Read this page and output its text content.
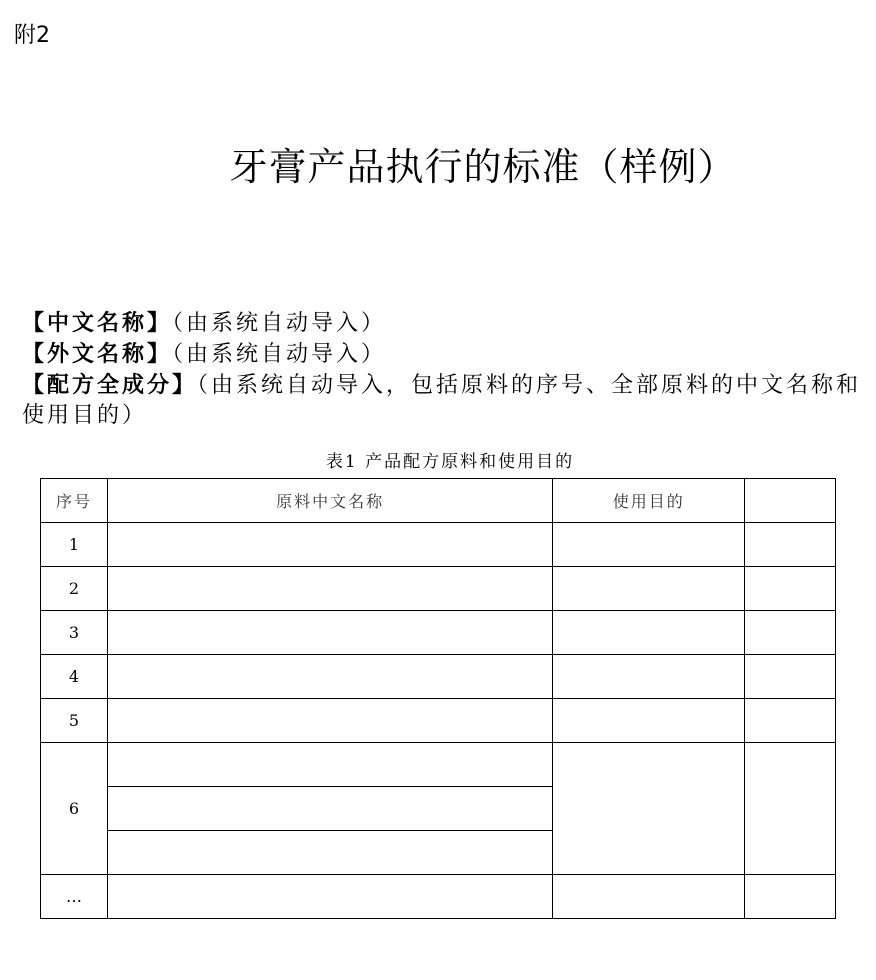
附2
牙膏产品执行的标准（样例）

【中文名称】（由系统自动导入）

【外文名称】（由系统自动导入）

【配方全成分】（由系统自动导入，包括原料的序号、全部原料的中文名称和使用目的）

表1 产品配方原料和使用目的
序号	原料中文名称	使用目的	
1			
2			
3			
4			
5			
6			

…			
